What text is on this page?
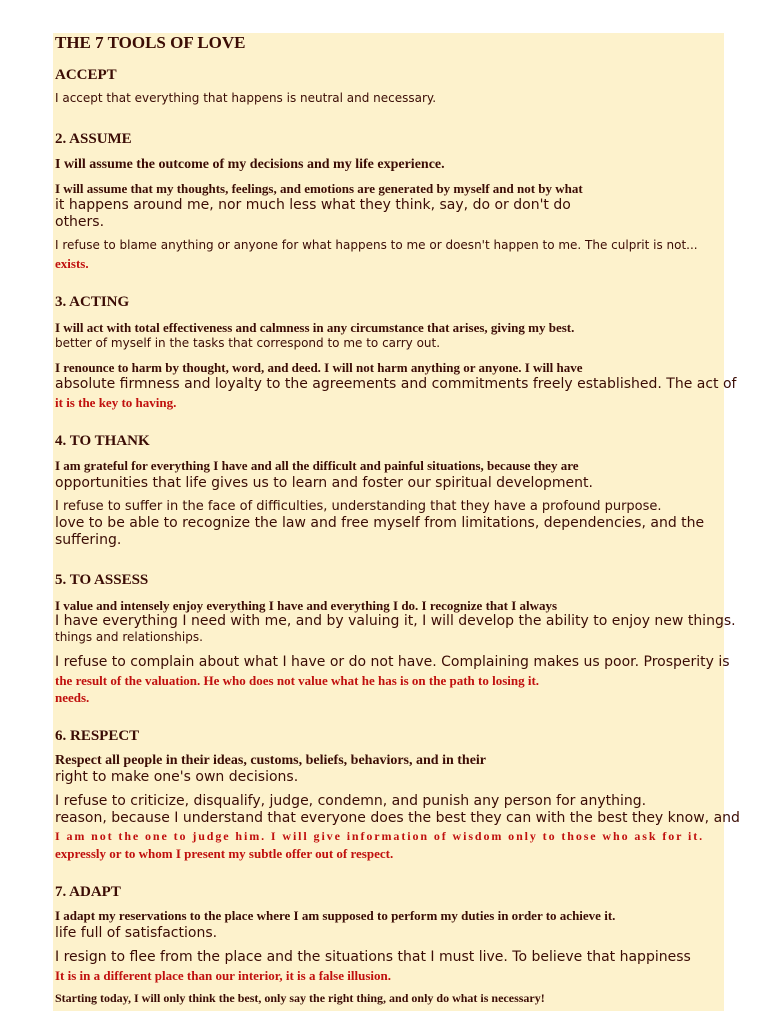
THE 7 TOOLS OF LOVE

ACCEPT

I accept that everything that happens is neutral and necessary.

2. ASSUME

I will assume the outcome of my decisions and my life experience.

I will assume that my thoughts, feelings, and emotions are generated by myself and not by what

it happens around me, nor much less what they think, say, do or don't do

others.

I refuse to blame anything or anyone for what happens to me or doesn't happen to me. The culprit is not...

exists.

3. ACTING

I will act with total effectiveness and calmness in any circumstance that arises, giving my best.

better of myself in the tasks that correspond to me to carry out.

I renounce to harm by thought, word, and deed. I will not harm anything or anyone. I will have

absolute firmness and loyalty to the agreements and commitments freely established. The act of

it is the key to having.

4. TO THANK

I am grateful for everything I have and all the difficult and painful situations, because they are

opportunities that life gives us to learn and foster our spiritual development.

I refuse to suffer in the face of difficulties, understanding that they have a profound purpose.

love to be able to recognize the law and free myself from limitations, dependencies, and the

suffering.

5. TO ASSESS

I value and intensely enjoy everything I have and everything I do. I recognize that I always

I have everything I need with me, and by valuing it, I will develop the ability to enjoy new things.

things and relationships.

I refuse to complain about what I have or do not have. Complaining makes us poor. Prosperity is

the result of the valuation. He who does not value what he has is on the path to losing it.

needs.

6. RESPECT

Respect all people in their ideas, customs, beliefs, behaviors, and in their

right to make one's own decisions.

I refuse to criticize, disqualify, judge, condemn, and punish any person for anything.

reason, because I understand that everyone does the best they can with the best they know, and

I am not the one to judge him. I will give information of wisdom only to those who ask for it.

expressly or to whom I present my subtle offer out of respect.

7. ADAPT

I adapt my reservations to the place where I am supposed to perform my duties in order to achieve it.

life full of satisfactions.

I resign to flee from the place and the situations that I must live. To believe that happiness

It is in a different place than our interior, it is a false illusion.

Starting today, I will only think the best, only say the right thing, and only do what is necessary!
